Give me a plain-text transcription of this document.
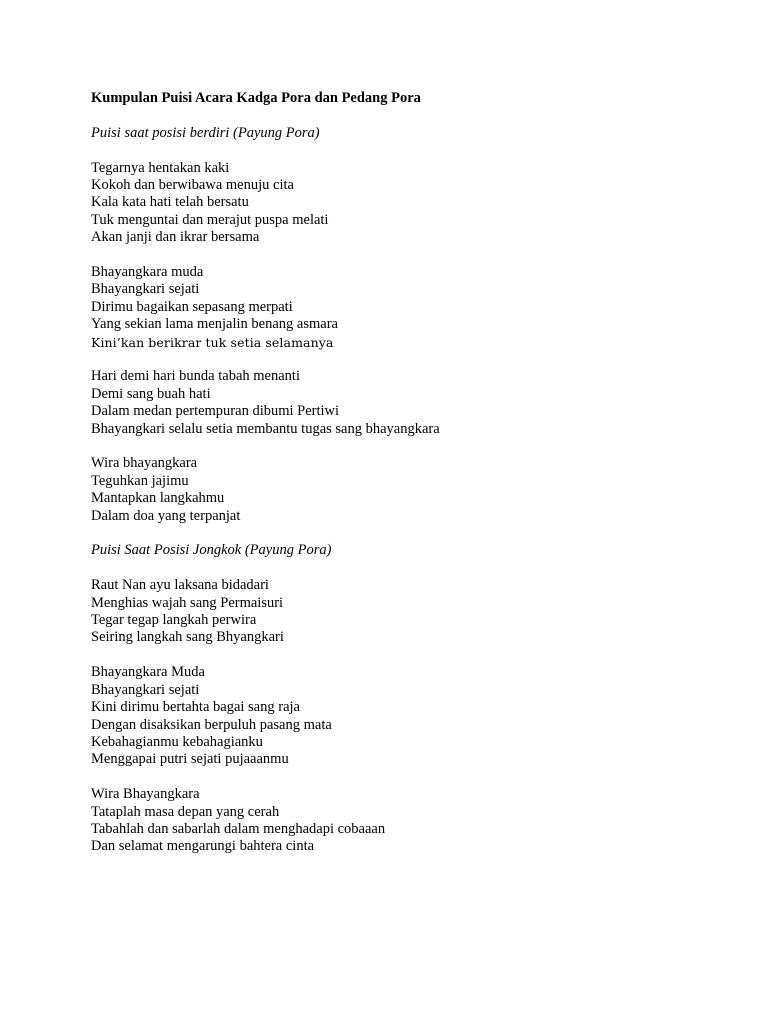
Kumpulan Puisi Acara Kadga Pora dan Pedang Pora
Puisi saat posisi berdiri (Payung Pora)
Tegarnya hentakan kaki
Kokoh dan berwibawa menuju cita
Kala kata hati telah bersatu
Tuk menguntai dan merajut puspa melati
Akan janji dan ikrar bersama
Bhayangkara muda
Bhayangkari sejati
Dirimu bagaikan sepasang merpati
Yang sekian lama menjalin benang asmara
Kini’kan berikrar tuk setia selamanya
Hari demi hari bunda tabah menanti
Demi sang buah hati
Dalam medan pertempuran dibumi Pertiwi
Bhayangkari selalu setia membantu tugas sang bhayangkara
Wira bhayangkara
Teguhkan jajimu
Mantapkan langkahmu
Dalam doa yang terpanjat
Puisi Saat Posisi Jongkok (Payung Pora)
Raut Nan ayu laksana bidadari
Menghias wajah sang Permaisuri
Tegar tegap langkah perwira
Seiring langkah sang Bhyangkari
Bhayangkara Muda
Bhayangkari sejati
Kini dirimu bertahta bagai sang raja
Dengan disaksikan berpuluh pasang mata
Kebahagianmu kebahagianku
Menggapai putri sejati pujaaanmu
Wira Bhayangkara
Tataplah masa depan yang cerah
Tabahlah dan sabarlah dalam menghadapi cobaaan
Dan selamat mengarungi bahtera cinta
